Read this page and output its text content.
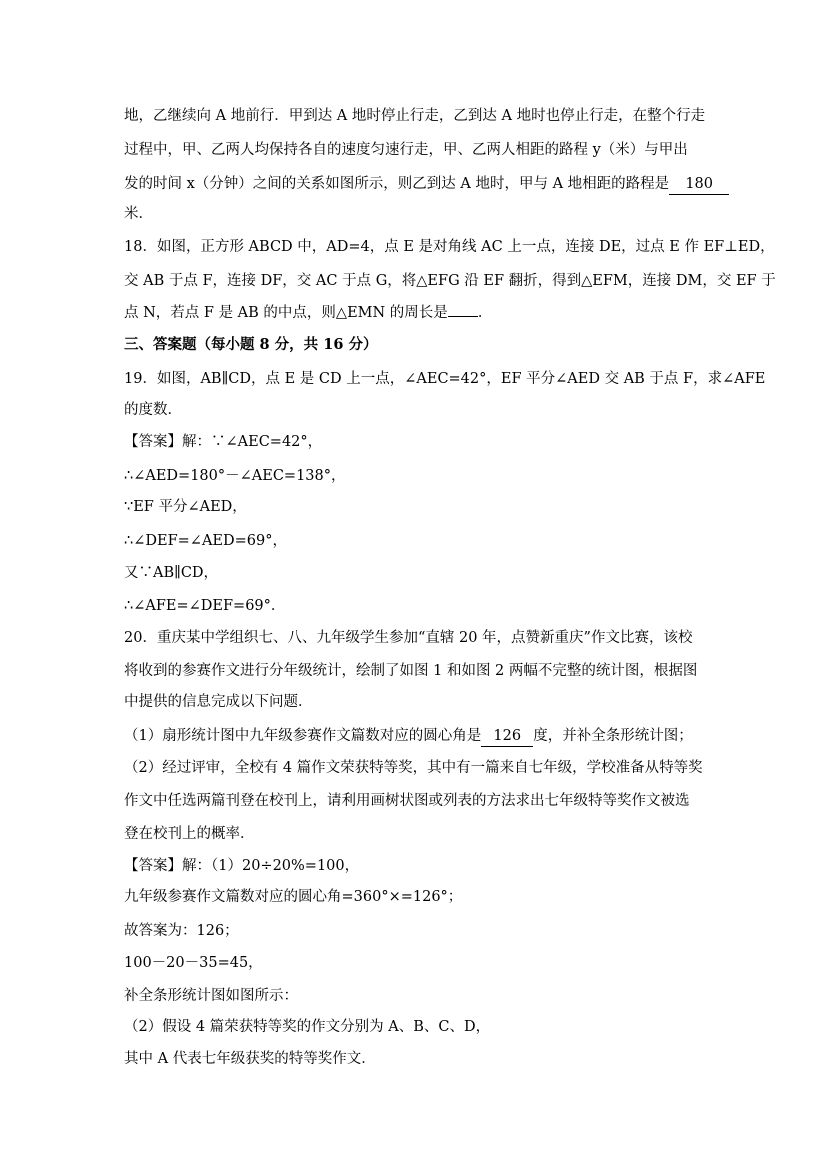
地，乙继续向 A 地前行．甲到达 A 地时停止行走，乙到达 A 地时也停止行走，在整个行走
过程中，甲、乙两人均保持各自的速度匀速行走，甲、乙两人相距的路程 y（米）与甲出
发的时间 x（分钟）之间的关系如图所示，则乙到达 A 地时，甲与 A 地相距的路程是 180
米．
18．如图，正方形 ABCD 中，AD=4，点 E 是对角线 AC 上一点，连接 DE，过点 E 作 EF⊥ED，
交 AB 于点 F，连接 DF，交 AC 于点 G，将△EFG 沿 EF 翻折，得到△EFM，连接 DM，交 EF 于
点 N，若点 F 是 AB 的中点，则△EMN 的周长是 ．
三、答案题（每小题 8 分，共 16 分）
19．如图，AB∥CD，点 E 是 CD 上一点，∠AEC=42°，EF 平分∠AED 交 AB 于点 F，求∠AFE
的度数．
【答案】解：∵∠AEC=42°，
∴∠AED=180°－∠AEC=138°，
∵EF 平分∠AED，
∴∠DEF=∠AED=69°，
又∵AB∥CD，
∴∠AFE=∠DEF=69°．
20．重庆某中学组织七、八、九年级学生参加“直辖 20 年，点赞新重庆”作文比赛，该校
将收到的参赛作文进行分年级统计，绘制了如图 1 和如图 2 两幅不完整的统计图，根据图
中提供的信息完成以下问题．
（1）扇形统计图中九年级参赛作文篇数对应的圆心角是 126 度，并补全条形统计图；
（2）经过评审，全校有 4 篇作文荣获特等奖，其中有一篇来自七年级，学校准备从特等奖
作文中任选两篇刊登在校刊上，请利用画树状图或列表的方法求出七年级特等奖作文被选
登在校刊上的概率．
【答案】解：（1）20÷20%=100，
九年级参赛作文篇数对应的圆心角=360°×=126°；
故答案为：126；
100－20－35=45，
补全条形统计图如图所示：
（2）假设 4 篇荣获特等奖的作文分别为 A、B、C、D，
其中 A 代表七年级获奖的特等奖作文．
